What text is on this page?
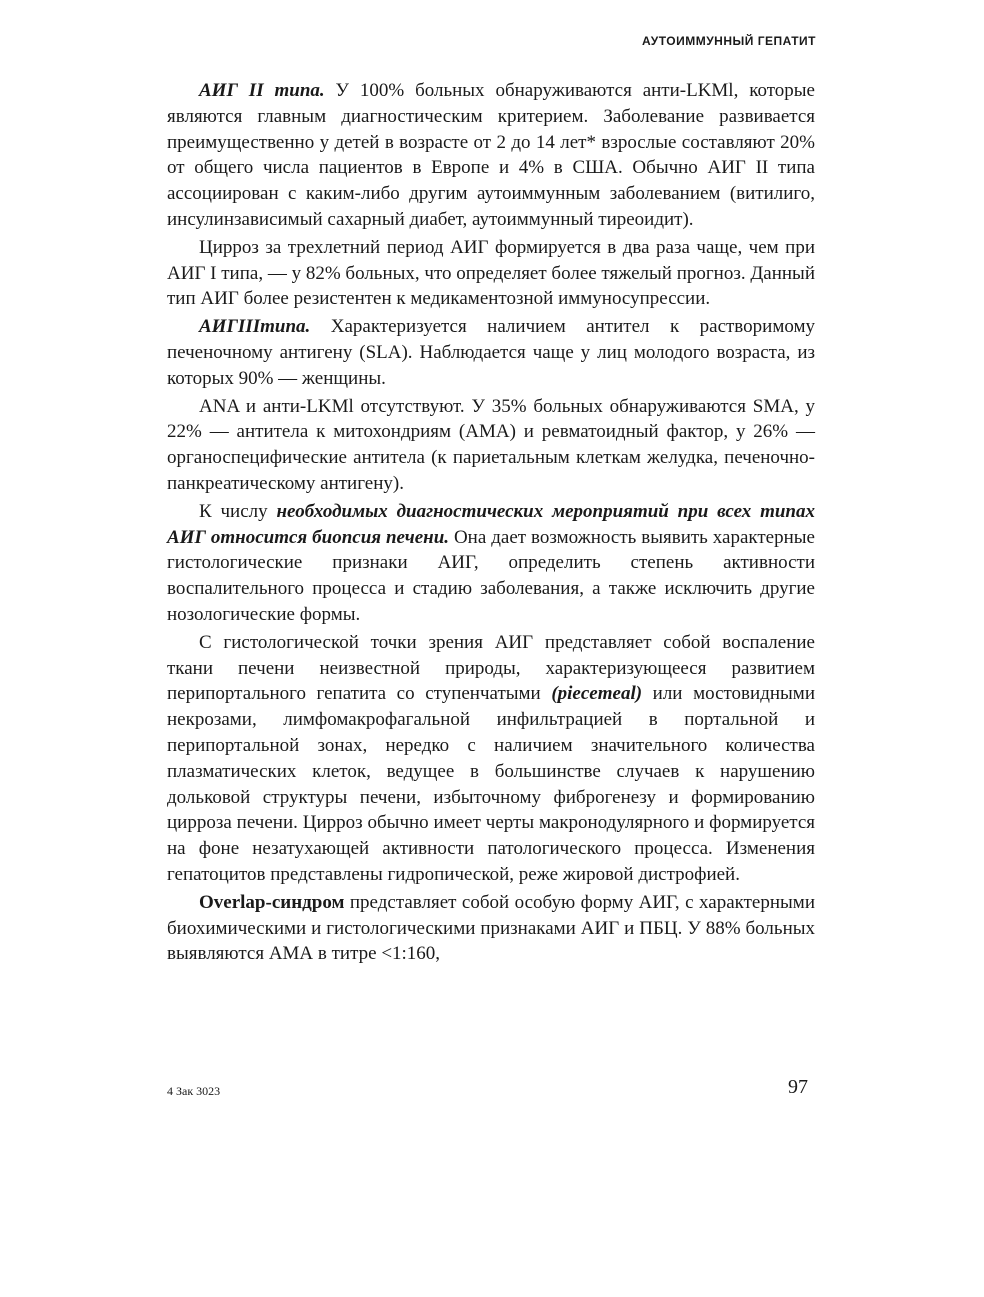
АУТОИММУННЫЙ ГЕПАТИТ

АИГ II типа. У 100% больных обнаруживаются анти-LKMl, которые являются главным диагностическим критерием. Заболевание развивается преимущественно у детей в возрасте от 2 до 14 лет* взрослые составляют 20% от общего числа пациентов в Европе и 4% в США. Обычно АИГ II типа ассоциирован с каким-либо другим аутоиммунным заболеванием (витилиго, инсулинзависимый сахарный диабет, аутоиммунный тиреоидит).

Цирроз за трехлетний период АИГ формируется в два раза чаще, чем при АИГ I типа, — у 82% больных, что определяет более тяжелый прогноз. Данный тип АИГ более резистентен к медикаментозной иммуносупрессии.

АИГIIIтипа. Характеризуется наличием антител к растворимому печеночному антигену (SLA). Наблюдается чаще у лиц молодого возраста, из которых 90% — женщины.

ANA и анти-LKMl отсутствуют. У 35% больных обнаруживаются SMA, у 22% — антитела к митохондриям (АМА) и ревматоидный фактор, у 26% — органоспецифические антитела (к париетальным клеткам желудка, печеночно-панкреатическому антигену).

К числу необходимых диагностических мероприятий при всех типах АИГ относится биопсия печени. Она дает возможность выявить характерные гистологические признаки АИГ, определить степень активности воспалительного процесса и стадию заболевания, а также исключить другие нозологические формы.

С гистологической точки зрения АИГ представляет собой воспаление ткани печени неизвестной природы, характеризующееся развитием перипортального гепатита со ступенчатыми (piecemeal) или мостовидными некрозами, лимфомакрофагальной инфильтрацией в портальной и перипортальной зонах, нередко с наличием значительного количества плазматических клеток, ведущее в большинстве случаев к нарушению дольковой структуры печени, избыточному фиброгенезу и формированию цирроза печени. Цирроз обычно имеет черты макронодулярного и формируется на фоне незатухающей активности патологического процесса. Изменения гепатоцитов представлены гидропической, реже жировой дистрофией.

Overlap-синдром представляет собой особую форму АИГ, с характерными биохимическими и гистологическими признаками АИГ и ПБЦ. У 88% больных выявляются АМА в титре <1:160,

4 Зак 3023	97
